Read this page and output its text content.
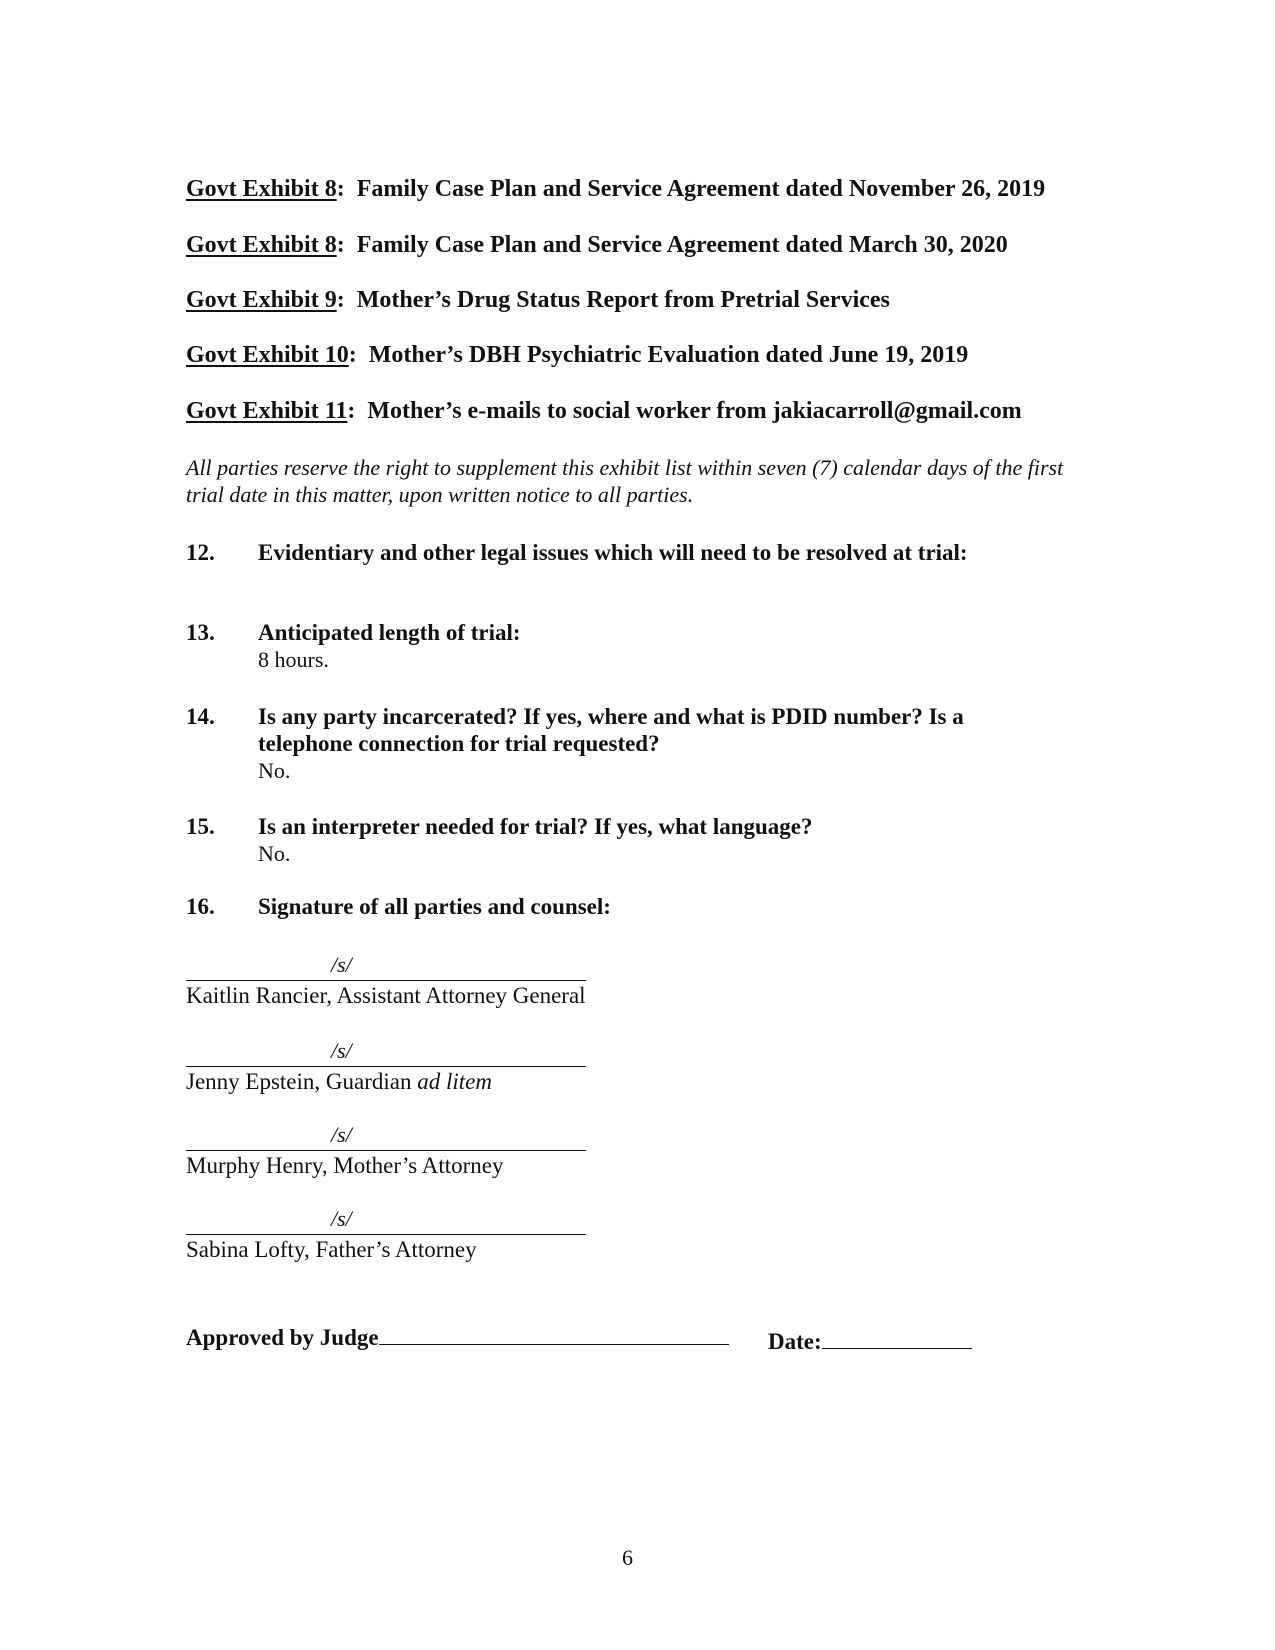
Govt Exhibit 8:  Family Case Plan and Service Agreement dated November 26, 2019
Govt Exhibit 8:  Family Case Plan and Service Agreement dated March 30, 2020
Govt Exhibit 9:  Mother’s Drug Status Report from Pretrial Services
Govt Exhibit 10:  Mother’s DBH Psychiatric Evaluation dated June 19, 2019
Govt Exhibit 11:  Mother’s e-mails to social worker from jakiacarroll@gmail.com
All parties reserve the right to supplement this exhibit list within seven (7) calendar days of the first trial date in this matter, upon written notice to all parties.
12. Evidentiary and other legal issues which will need to be resolved at trial:
13. Anticipated length of trial:
8 hours.
14. Is any party incarcerated? If yes, where and what is PDID number? Is a
telephone connection for trial requested?
No.
15. Is an interpreter needed for trial? If yes, what language?
No.
16. Signature of all parties and counsel:
/s/
Kaitlin Rancier, Assistant Attorney General
/s/
Jenny Epstein, Guardian ad litem
/s/
Murphy Henry, Mother’s Attorney
/s/
Sabina Lofty, Father’s Attorney
Approved by Judge	Date:
6
